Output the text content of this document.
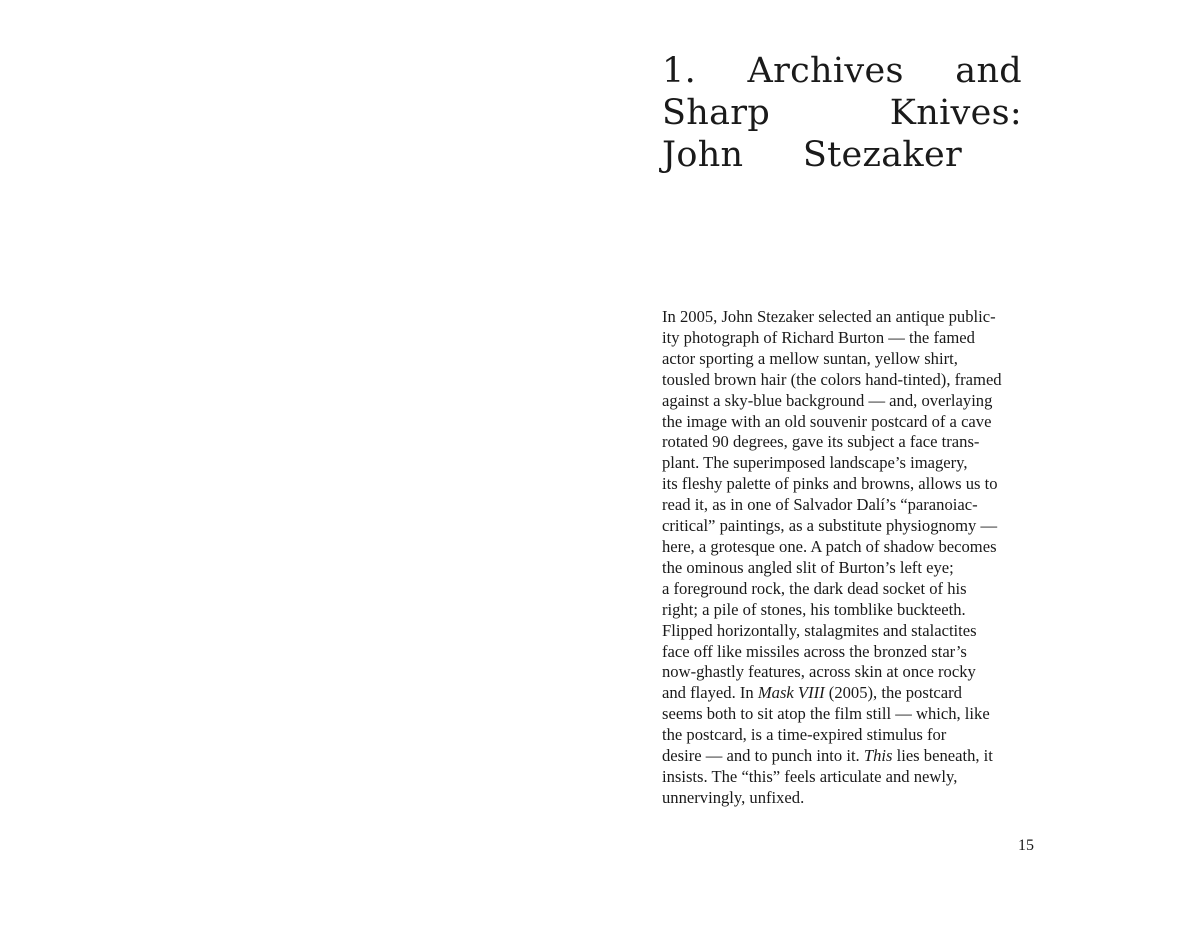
1. Archives and
Sharp Knives:
John Stezaker
In 2005, John Stezaker selected an antique public-
ity photograph of Richard Burton — the famed
actor sporting a mellow suntan, yellow shirt,
tousled brown hair (the colors hand-tinted), framed
against a sky-blue background — and, overlaying
the image with an old souvenir postcard of a cave
rotated 90 degrees, gave its subject a face trans-
plant. The superimposed landscape’s imagery,
its fleshy palette of pinks and browns, allows us to
read it, as in one of Salvador Dalí’s “paranoiac-
critical” paintings, as a substitute physiognomy —
here, a grotesque one. A patch of shadow becomes
the ominous angled slit of Burton’s left eye;
a foreground rock, the dark dead socket of his
right; a pile of stones, his tomblike buckteeth.
Flipped horizontally, stalagmites and stalactites
face off like missiles across the bronzed star’s
now-ghastly features, across skin at once rocky
and flayed. In Mask VIII (2005), the postcard
seems both to sit atop the film still — which, like
the postcard, is a time-expired stimulus for
desire — and to punch into it. This lies beneath, it
insists. The “this” feels articulate and newly,
unnervingly, unfixed.
15
